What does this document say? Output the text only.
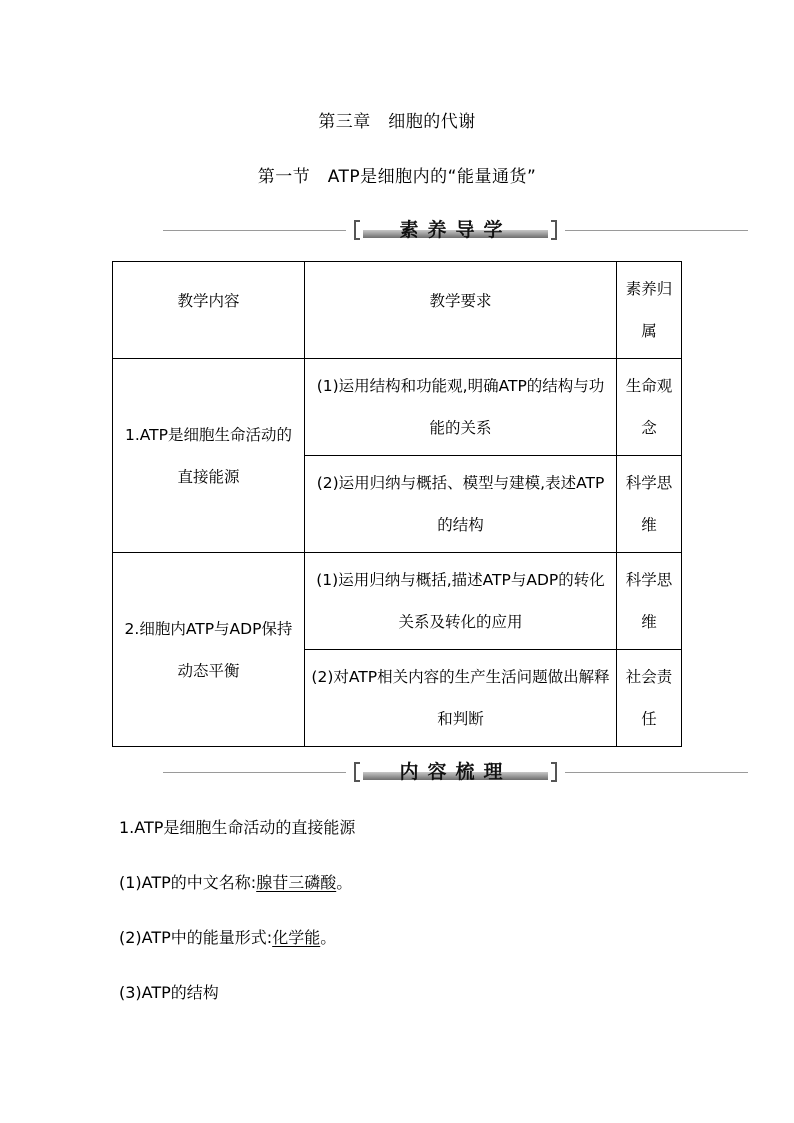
第三章　细胞的代谢
第一节　ATP是细胞内的“能量通货”
素养导学
教学内容	教学要求	素养归属
1.ATP是细胞生命活动的直接能源	(1)运用结构和功能观,明确ATP的结构与功能的关系	生命观念
	(2)运用归纳与概括、模型与建模,表述ATP的结构	科学思维
2.细胞内ATP与ADP保持动态平衡	(1)运用归纳与概括,描述ATP与ADP的转化关系及转化的应用	科学思维
	(2)对ATP相关内容的生产生活问题做出解释和判断	社会责任
内容梳理
1.ATP是细胞生命活动的直接能源
(1)ATP的中文名称:腺苷三磷酸。
(2)ATP中的能量形式:化学能。
(3)ATP的结构
